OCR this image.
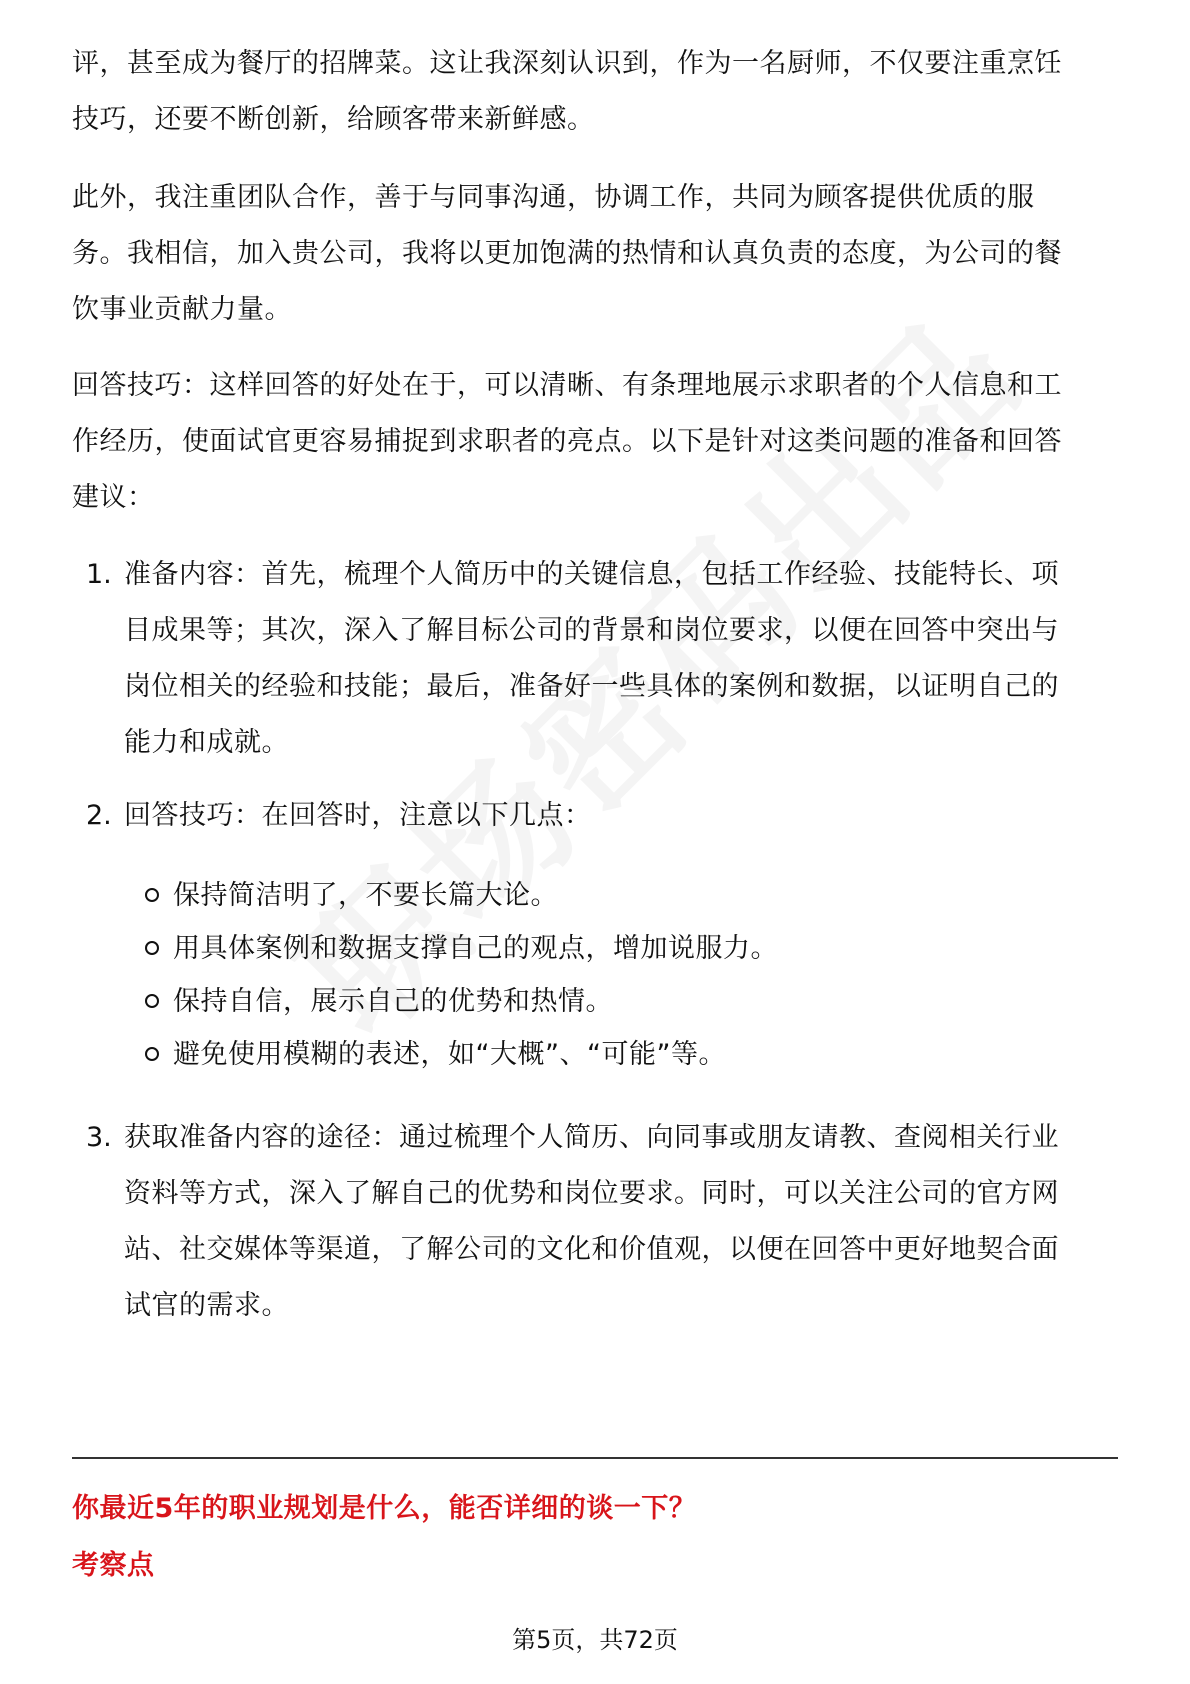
评，甚至成为餐厅的招牌菜。这让我深刻认识到，作为一名厨师，不仅要注重烹饪
技巧，还要不断创新，给顾客带来新鲜感。
此外，我注重团队合作，善于与同事沟通，协调工作，共同为顾客提供优质的服
务。我相信，加入贵公司，我将以更加饱满的热情和认真负责的态度，为公司的餐
饮事业贡献力量。
回答技巧：这样回答的好处在于，可以清晰、有条理地展示求职者的个人信息和工
作经历，使面试官更容易捕捉到求职者的亮点。以下是针对这类问题的准备和回答
建议：
1. 准备内容：首先，梳理个人简历中的关键信息，包括工作经验、技能特长、项
目成果等；其次，深入了解目标公司的背景和岗位要求，以便在回答中突出与
岗位相关的经验和技能；最后，准备好一些具体的案例和数据，以证明自己的
能力和成就。
2. 回答技巧：在回答时，注意以下几点：
保持简洁明了，不要长篇大论。
用具体案例和数据支撑自己的观点，增加说服力。
保持自信，展示自己的优势和热情。
避免使用模糊的表述，如“大概”、“可能”等。
3. 获取准备内容的途径：通过梳理个人简历、向同事或朋友请教、查阅相关行业
资料等方式，深入了解自己的优势和岗位要求。同时，可以关注公司的官方网
站、社交媒体等渠道，了解公司的文化和价值观，以便在回答中更好地契合面
试官的需求。
你最近5年的职业规划是什么，能否详细的谈一下？
考察点
第5页，共72页
